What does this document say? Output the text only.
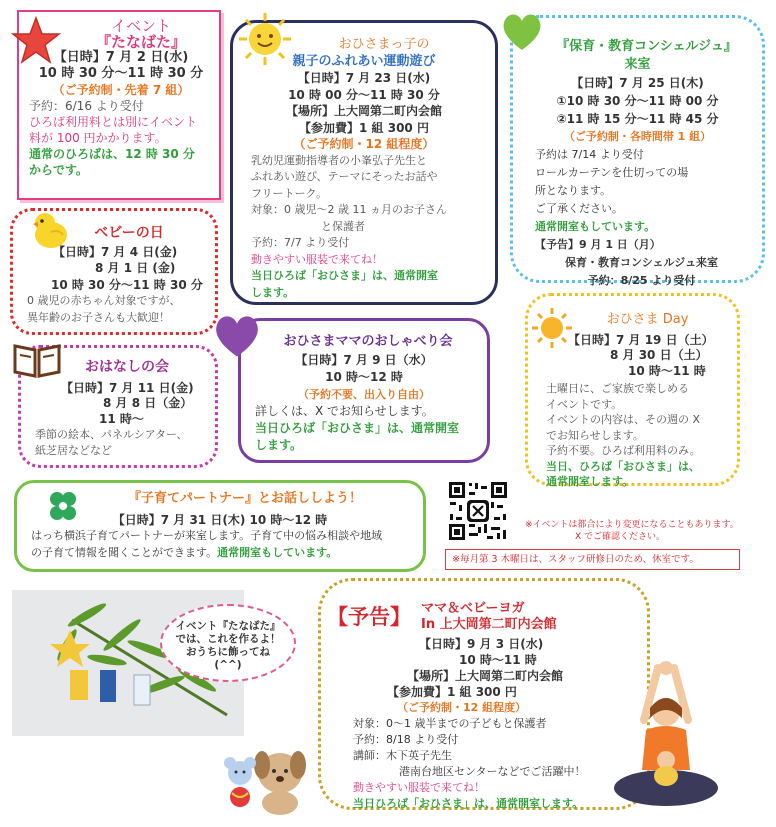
イベント
『たなばた』
【日時】7 月 2 日(水)
10 時 30 分～11 時 30 分
（ご予約制・先着 7 組）
予約：6/16 より受付
ひろば利用料とは別にイベント
料が 100 円かかります。
通常のひろばは、12 時 30 分
からです。
おひさまっ子の
親子のふれあい運動遊び
【日時】7 月 23 日(水)
10 時 00 分～11 時 30 分
【場所】上大岡第二町内会館
【参加費】1 組 300 円
（ご予約制・12 組程度）
乳幼児運動指導者の小峯弘子先生と
ふれあい遊び、テーマにそったお話や
フリートーク。
対象：0 歳児～2 歳 11 ヵ月のお子さん
と保護者
予約：7/7 より受付
動きやすい服装で来てね！
当日ひろば「おひさま」は、通常開室
します。
『保育・教育コンシェルジュ』
来室
【日時】7 月 25 日(木)
①10 時 30 分～11 時 00 分
②11 時 15 分～11 時 45 分
（ご予約制・各時間帯 1 組）
予約は 7/14 より受付
ロールカーテンを仕切っての場
所となります。
ご了承ください。
通常開室もしています。
【予告】9 月 1 日（月）
保育・教育コンシェルジュ来室
予約：8/25 より受付
ベビーの日
【日時】7 月 4 日(金)
8 月 1 日 (金)
10 時 30 分～11 時 30 分
0 歳児の赤ちゃん対象ですが、
異年齢のお子さんも大歓迎！
おひさまママのおしゃべり会
【日時】7 月 9 日（水）
10 時～12 時
（予約不要、出入り自由）
詳しくは、X でお知らせします。
当日ひろば「おひさま」は、通常開室
します。
おひさま Day
【日時】7 月 19 日（土）
8 月 30 日（土）
10 時～11 時
土曜日に、ご家族で楽しめる
イベントです。
イベントの内容は、その週の X
でお知らせします。
予約不要。ひろば利用料のみ。
当日、ひろば「おひさま」は、
通常開室します。
おはなしの会
【日時】7 月 11 日(金)
8 月 8 日（金）
11 時～
季節の絵本、パネルシアター、
紙芝居などなど
『子育てパートナー』とお話ししよう！
【日時】7 月 31 日(木) 10 時～12 時
はっち横浜子育てパートナーが来室します。子育て中の悩み相談や地域
の子育て情報を聞くことができます。通常開室もしています。
※イベントは都合により変更になることもあります。
X でご確認ください。
※毎月第 3 木曜日は、スタッフ研修日のため、休室です。
イベント『たなばた』
では、これを作るよ！
おうちに飾ってね
(^^)
【予告】 ママ＆ベビーヨガ
In 上大岡第二町内会館
【日時】9 月 3 日(水)
10 時～11 時
【場所】上大岡第二町内会館
【参加費】1 組 300 円
（ご予約制・12 組程度）
対象：0～1 歳半までの子どもと保護者
予約：8/18 より受付
講師：木下英子先生
港南台地区センターなどでご活躍中！
動きやすい服装で来てね！
当日ひろば「おひさま」は、通常開室します。
